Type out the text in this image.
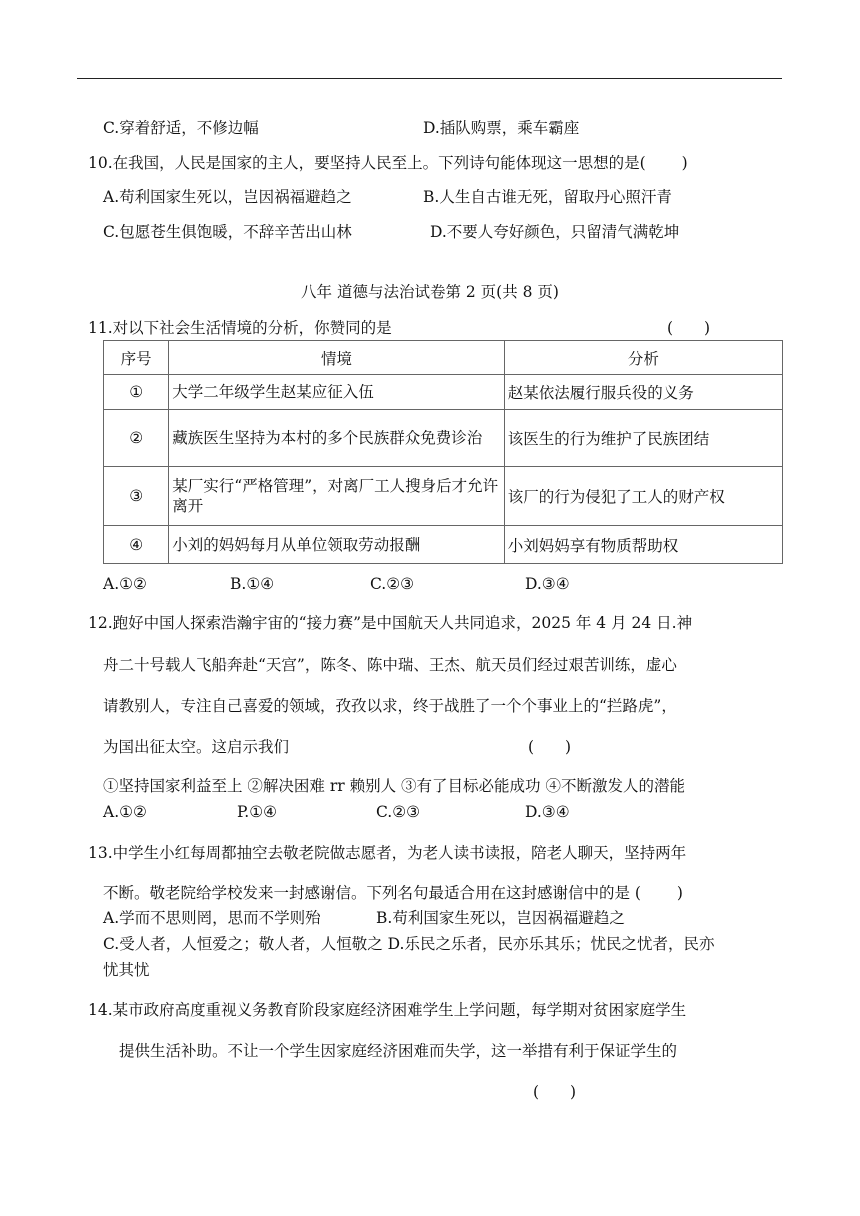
C.穿着舒适，不修边幅	D.插队购票，乘车霸座
10.在我国，人民是国家的主人，要坚持人民至上。下列诗句能体现这一思想的是(　　 )
A.苟利国家生死以，岂因祸福避趋之	B.人生自古谁无死，留取丹心照汗青
C.包愿苍生俱饱暖，不辞辛苦出山林	D.不要人夸好颜色，只留清气满乾坤
八年 道德与法治试卷第 2 页(共 8 页)
11.对以下社会生活情境的分析，你赞同的是	(　　)
序号	情境	分析
①	大学二年级学生赵某应征入伍	赵某依法履行服兵役的义务
②	藏族医生坚持为本村的多个民族群众免费诊治	该医生的行为维护了民族团结
③	某厂实行“严格管理”，对离厂工人搜身后才允许离开	该厂的行为侵犯了工人的财产权
④	小刘的妈妈每月从单位领取劳动报酬	小刘妈妈享有物质帮助权
A.①②	B.①④	C.②③	D.③④
12.跑好中国人探索浩瀚宇宙的“接力赛”是中国航天人共同追求，2025 年 4 月 24 日.神
舟二十号载人飞船奔赴“天宫”，陈冬、陈中瑞、王杰、航天员们经过艰苦训练，虚心
请教别人，专注自己喜爱的领域，孜孜以求，终于战胜了一个个事业上的“拦路虎”，
为国出征太空。这启示我们	(　　)
①坚持国家利益至上 ②解决困难 rr 赖别人 ③有了目标必能成功 ④不断激发人的潜能
A.①②	P.①④	C.②③	D.③④
13.中学生小红每周都抽空去敬老院做志愿者，为老人读书读报，陪老人聊天，坚持两年
不断。敬老院给学校发来一封感谢信。下列名句最适合用在这封感谢信中的是 (　　 )
A.学而不思则罔，思而不学则殆	B.苟利国家生死以，岂因祸福避趋之
C.受人者，人恒爱之；敬人者，人恒敬之 D.乐民之乐者，民亦乐其乐；忧民之忧者，民亦
忧其忧
14.某市政府高度重视义务教育阶段家庭经济困难学生上学问题，每学期对贫困家庭学生
提供生活补助。不让一个学生因家庭经济困难而失学，这一举措有利于保证学生的
(　　)
